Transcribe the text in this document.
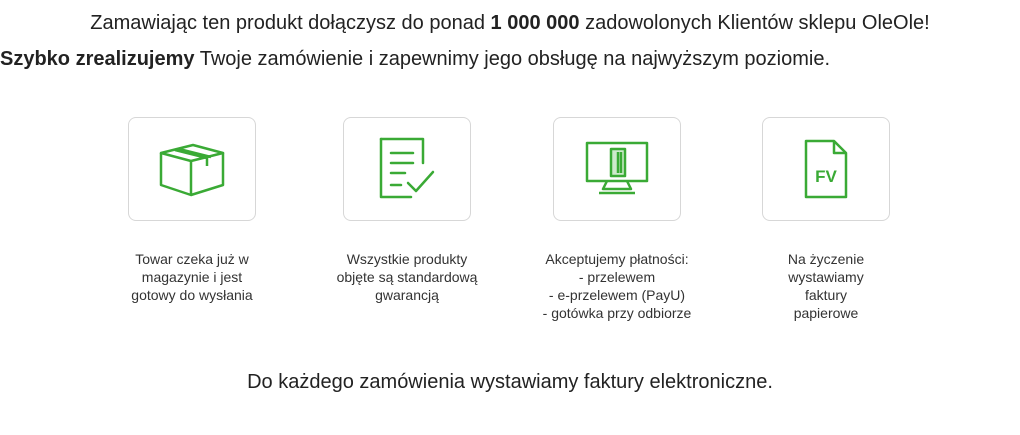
Zamawiając ten produkt dołączysz do ponad 1 000 000 zadowolonych Klientów sklepu OleOle!
Szybko zrealizujemy Twoje zamówienie i zapewnimy jego obsługę na najwyższym poziomie.
Towar czeka już w
magazynie i jest
gotowy do wysłania
Wszystkie produkty
objęte są standardową
gwarancją
Akceptujemy płatności:
- przelewem
- e-przelewem (PayU)
- gotówka przy odbiorze
FV
Na życzenie
wystawiamy
faktury
papierowe
Do każdego zamówienia wystawiamy faktury elektroniczne.
